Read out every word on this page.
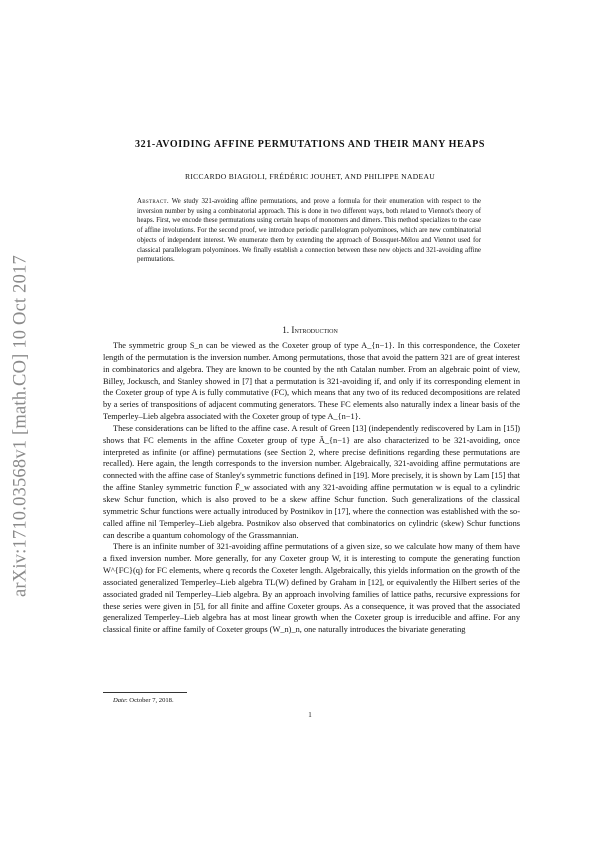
arXiv:1710.03568v1 [math.CO] 10 Oct 2017
321-AVOIDING AFFINE PERMUTATIONS AND THEIR MANY HEAPS
RICCARDO BIAGIOLI, FRÉDÉRIC JOUHET, AND PHILIPPE NADEAU
Abstract. We study 321-avoiding affine permutations, and prove a formula for their enumeration with respect to the inversion number by using a combinatorial approach. This is done in two different ways, both related to Viennot's theory of heaps. First, we encode these permutations using certain heaps of monomers and dimers. This method specializes to the case of affine involutions. For the second proof, we introduce periodic parallelogram polyominoes, which are new combinatorial objects of independent interest. We enumerate them by extending the approach of Bousquet-Mélou and Viennot used for classical parallelogram polyominoes. We finally establish a connection between these new objects and 321-avoiding affine permutations.
1. Introduction

The symmetric group S_n can be viewed as the Coxeter group of type A_{n−1}. In this correspondence, the Coxeter length of the permutation is the inversion number. Among permutations, those that avoid the pattern 321 are of great interest in combinatorics and algebra. They are known to be counted by the nth Catalan number. From an algebraic point of view, Billey, Jockusch, and Stanley showed in [7] that a permutation is 321-avoiding if, and only if its corresponding element in the Coxeter group of type A is fully commutative (FC), which means that any two of its reduced decompositions are related by a series of transpositions of adjacent commuting generators. These FC elements also naturally index a linear basis of the Temperley–Lieb algebra associated with the Coxeter group of type A_{n−1}.

These considerations can be lifted to the affine case. A result of Green [13] (independently rediscovered by Lam in [15]) shows that FC elements in the affine Coxeter group of type Ã_{n−1} are also characterized to be 321-avoiding, once interpreted as infinite (or affine) permutations (see Section 2, where precise definitions regarding these permutations are recalled). Here again, the length corresponds to the inversion number. Algebraically, 321-avoiding affine permutations are connected with the affine case of Stanley's symmetric functions defined in [19]. More precisely, it is shown by Lam [15] that the affine Stanley symmetric function F̃_w associated with any 321-avoiding affine permutation w is equal to a cylindric skew Schur function, which is also proved to be a skew affine Schur function. Such generalizations of the classical symmetric Schur functions were actually introduced by Postnikov in [17], where the connection was established with the so-called affine nil Temperley–Lieb algebra. Postnikov also observed that combinatorics on cylindric (skew) Schur functions can describe a quantum cohomology of the Grassmannian.

There is an infinite number of 321-avoiding affine permutations of a given size, so we calculate how many of them have a fixed inversion number. More generally, for any Coxeter group W, it is interesting to compute the generating function W^{FC}(q) for FC elements, where q records the Coxeter length. Algebraically, this yields information on the growth of the associated generalized Temperley–Lieb algebra TL(W) defined by Graham in [12], or equivalently the Hilbert series of the associated graded nil Temperley–Lieb algebra. By an approach involving families of lattice paths, recursive expressions for these series were given in [5], for all finite and affine Coxeter groups. As a consequence, it was proved that the associated generalized Temperley–Lieb algebra has at most linear growth when the Coxeter group is irreducible and affine. For any classical finite or affine family of Coxeter groups (W_n)_n, one naturally introduces the bivariate generating

Date: October 7, 2018.
1
